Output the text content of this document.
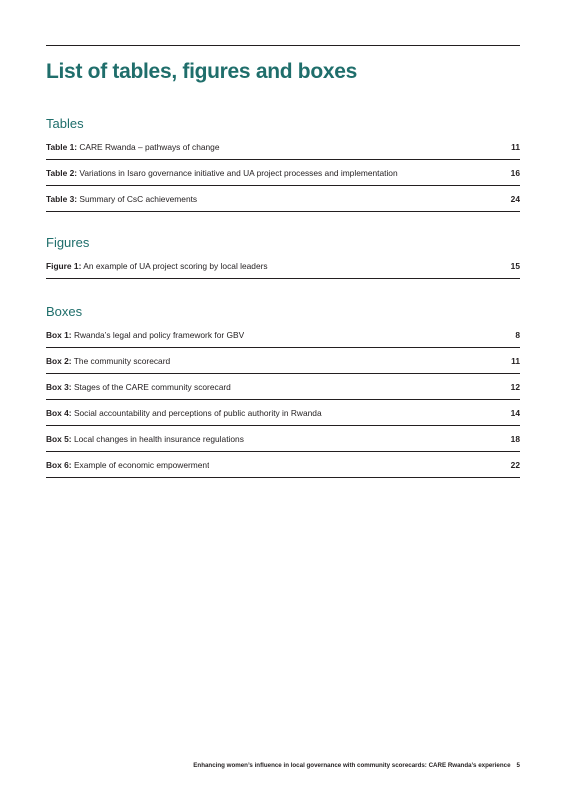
List of tables, figures and boxes
Tables
Table 1: CARE Rwanda – pathways of change	11
Table 2: Variations in Isaro governance initiative and UA project processes and implementation	16
Table 3: Summary of CsC achievements	24
Figures
Figure 1: An example of UA project scoring by local leaders	15
Boxes
Box 1: Rwanda’s legal and policy framework for GBV	8
Box 2: The community scorecard	11
Box 3: Stages of the CARE community scorecard	12
Box 4: Social accountability and perceptions of public authority in Rwanda	14
Box 5: Local changes in health insurance regulations	18
Box 6: Example of economic empowerment	22
Enhancing women’s influence in local governance with community scorecards: CARE Rwanda’s experience 5
